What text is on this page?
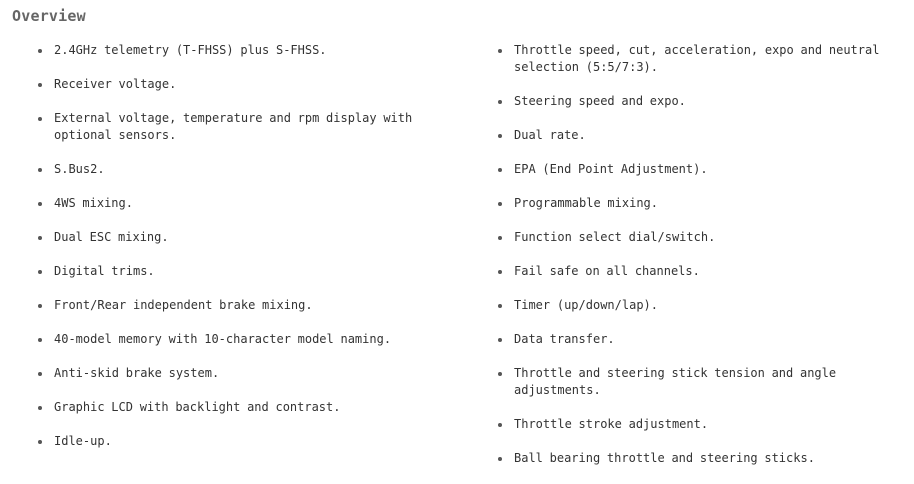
Overview
2.4GHz telemetry (T-FHSS) plus S-FHSS.
Receiver voltage.
External voltage, temperature and rpm display with optional sensors.
S.Bus2.
4WS mixing.
Dual ESC mixing.
Digital trims.
Front/Rear independent brake mixing.
40-model memory with 10-character model naming.
Anti-skid brake system.
Graphic LCD with backlight and contrast.
Idle-up.
Throttle speed, cut, acceleration, expo and neutral selection (5:5/7:3).
Steering speed and expo.
Dual rate.
EPA (End Point Adjustment).
Programmable mixing.
Function select dial/switch.
Fail safe on all channels.
Timer (up/down/lap).
Data transfer.
Throttle and steering stick tension and angle adjustments.
Throttle stroke adjustment.
Ball bearing throttle and steering sticks.
